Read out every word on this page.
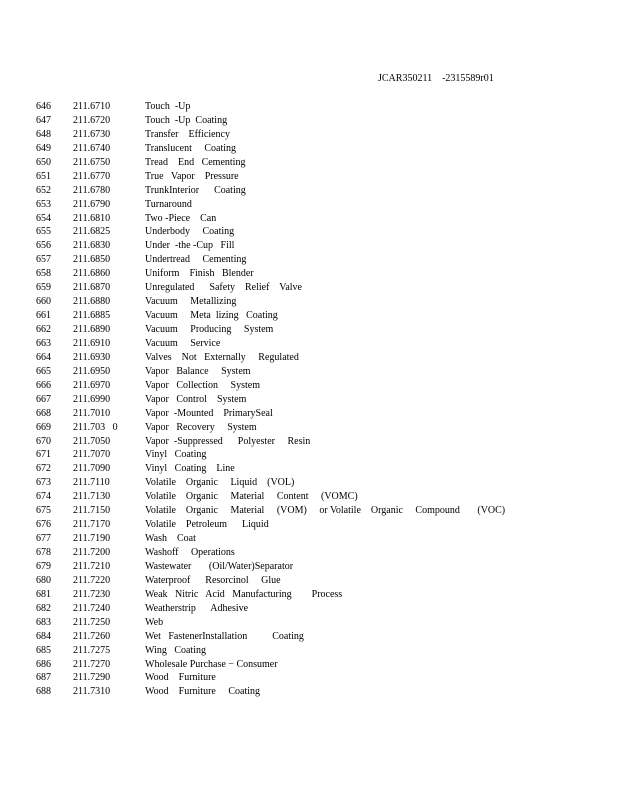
JCAR350211    -2315589r01
646 211.6710	Touch  -Up
647 211.6720	Touch  -Up  Coating
648 211.6730	Transfer    Efficiency
649 211.6740	Translucent     Coating
650 211.6750	Tread    End   Cementing
651 211.6770	True   Vapor    Pressure
652 211.6780	TrunkInterior      Coating
653 211.6790	Turnaround
654 211.6810	Two -Piece    Can
655 211.6825	Underbody     Coating
656 211.6830	Under  -the -Cup   Fill
657 211.6850	Undertread     Cementing
658 211.6860	Uniform    Finish   Blender
659 211.6870	Unregulated      Safety    Relief    Valve
660 211.6880	Vacuum     Metallizing
661 211.6885	Vacuum     Meta  lizing   Coating
662 211.6890	Vacuum     Producing     System
663 211.6910	Vacuum     Service
664 211.6930	Valves    Not   Externally     Regulated
665 211.6950	Vapor   Balance     System
666 211.6970	Vapor   Collection     System
667 211.6990	Vapor   Control    System
668 211.7010	Vapor  -Mounted    PrimarySeal
669 211.703   0	Vapor   Recovery     System
670 211.7050	Vapor  -Suppressed      Polyester     Resin
671 211.7070	Vinyl   Coating
672 211.7090	Vinyl   Coating    Line
673 211.7110	Volatile    Organic     Liquid    (VOL)
674 211.7130	Volatile    Organic     Material     Content     (VOMC)
675 211.7150	Volatile    Organic     Material     (VOM)     or Volatile    Organic     Compound       (VOC)
676 211.7170	Volatile    Petroleum      Liquid
677 211.7190	Wash    Coat
678 211.7200	Washoff     Operations
679 211.7210	Wastewater       (Oil/Water)Separator
680 211.7220	Waterproof      Resorcinol     Glue
681 211.7230	Weak   Nitric   Acid   Manufacturing        Process
682 211.7240	Weatherstrip      Adhesive
683 211.7250	Web
684 211.7260	Wet   FastenerInstallation          Coating
685 211.7275	Wing   Coating
686 211.7270	Wholesale Purchase − Consumer
687 211.7290	Wood    Furniture
688 211.7310	Wood    Furniture     Coating
